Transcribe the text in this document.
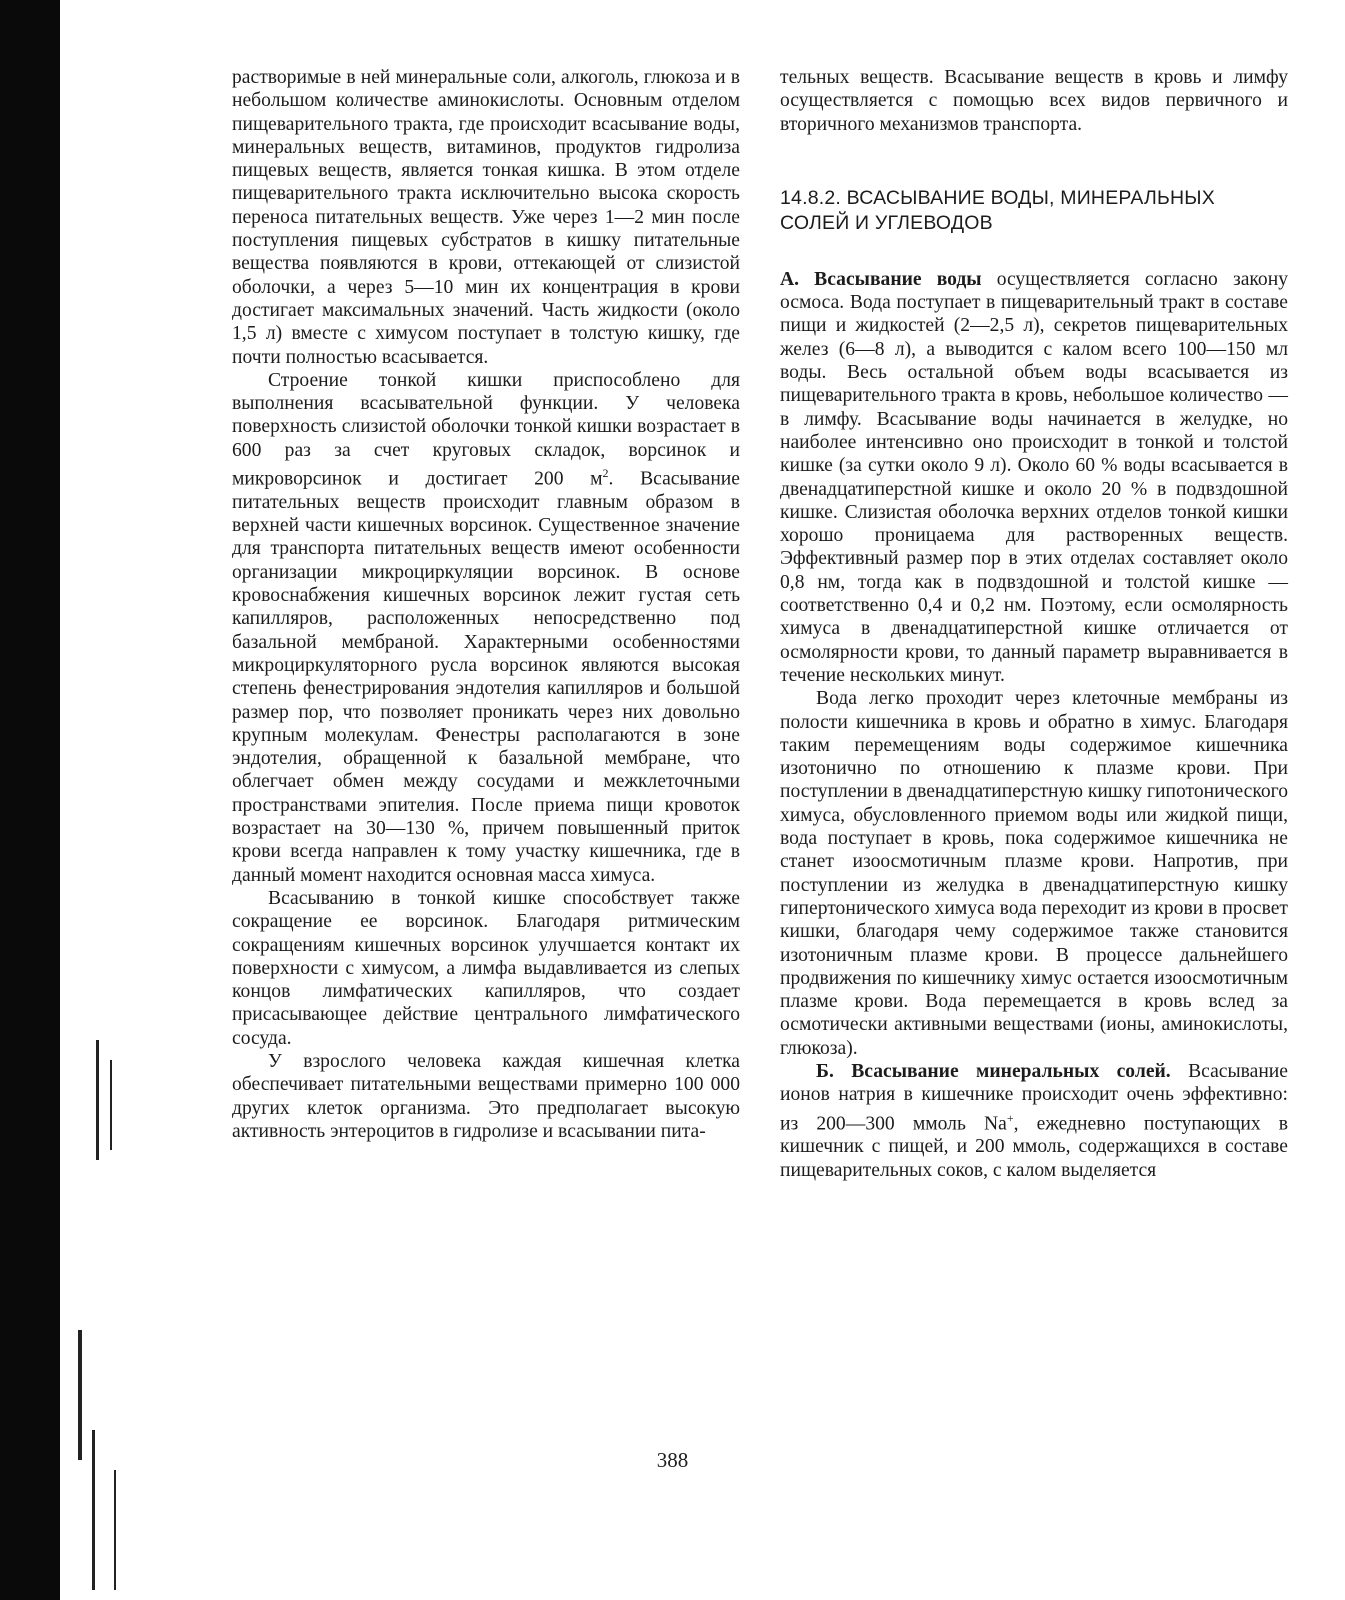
растворимые в ней минеральные соли, алкоголь, глюкоза и в небольшом количестве аминокислоты. Основным отделом пищеварительного тракта, где происходит всасывание воды, минеральных веществ, витаминов, продуктов гидролиза пищевых веществ, является тонкая кишка. В этом отделе пищеварительного тракта исключительно высока скорость переноса питательных веществ. Уже через 1—2 мин после поступления пищевых субстратов в кишку питательные вещества появляются в крови, оттекающей от слизистой оболочки, а через 5—10 мин их концентрация в крови достигает максимальных значений. Часть жидкости (около 1,5 л) вместе с химусом поступает в толстую кишку, где почти полностью всасывается.

Строение тонкой кишки приспособлено для выполнения всасывательной функции. У человека поверхность слизистой оболочки тонкой кишки возрастает в 600 раз за счет круговых складок, ворсинок и микроворсинок и достигает 200 $м^2$. Всасывание питательных веществ происходит главным образом в верхней части кишечных ворсинок. Существенное значение для транспорта питательных веществ имеют особенности организации микроциркуляции ворсинок. В основе кровоснабжения кишечных ворсинок лежит густая сеть капилляров, расположенных непосредственно под базальной мембраной. Характерными особенностями микроциркуляторного русла ворсинок являются высокая степень фенестрирования эндотелия капилляров и большой размер пор, что позволяет проникать через них довольно крупным молекулам. Фенестры располагаются в зоне эндотелия, обращенной к базальной мембране, что облегчает обмен между сосудами и межклеточными пространствами эпителия. После приема пищи кровоток возрастает на 30—130 %, причем повышенный приток крови всегда направлен к тому участку кишечника, где в данный момент находится основная масса химуса.

Всасыванию в тонкой кишке способствует также сокращение ее ворсинок. Благодаря ритмическим сокращениям кишечных ворсинок улучшается контакт их поверхности с химусом, а лимфа выдавливается из слепых концов лимфатических капилляров, что создает присасывающее действие центрального лимфатического сосуда.

У взрослого человека каждая кишечная клетка обеспечивает питательными веществами примерно 100 000 других клеток организма. Это предполагает высокую активность энтероцитов в гидролизе и всасывании пита-

тельных веществ. Всасывание веществ в кровь и лимфу осуществляется с помощью всех видов первичного и вторичного механизмов транспорта.

14.8.2. ВСАСЫВАНИЕ ВОДЫ, МИНЕРАЛЬНЫХ СОЛЕЙ И УГЛЕВОДОВ

А. Всасывание воды осуществляется согласно закону осмоса. Вода поступает в пищеварительный тракт в составе пищи и жидкостей (2—2,5 л), секретов пищеварительных желез (6—8 л), а выводится с калом всего 100—150 мл воды. Весь остальной объем воды всасывается из пищеварительного тракта в кровь, небольшое количество — в лимфу. Всасывание воды начинается в желудке, но наиболее интенсивно оно происходит в тонкой и толстой кишке (за сутки около 9 л). Около 60 % воды всасывается в двенадцатиперстной кишке и около 20 % в подвздошной кишке. Слизистая оболочка верхних отделов тонкой кишки хорошо проницаема для растворенных веществ. Эффективный размер пор в этих отделах составляет около 0,8 нм, тогда как в подвздошной и толстой кишке — соответственно 0,4 и 0,2 нм. Поэтому, если осмолярность химуса в двенадцатиперстной кишке отличается от осмолярности крови, то данный параметр выравнивается в течение нескольких минут.

Вода легко проходит через клеточные мембраны из полости кишечника в кровь и обратно в химус. Благодаря таким перемещениям воды содержимое кишечника изотонично по отношению к плазме крови. При поступлении в двенадцатиперстную кишку гипотонического химуса, обусловленного приемом воды или жидкой пищи, вода поступает в кровь, пока содержимое кишечника не станет изоосмотичным плазме крови. Напротив, при поступлении из желудка в двенадцатиперстную кишку гипертонического химуса вода переходит из крови в просвет кишки, благодаря чему содержимое также становится изотоничным плазме крови. В процессе дальнейшего продвижения по кишечнику химус остается изоосмотичным плазме крови. Вода перемещается в кровь вслед за осмотически активными веществами (ионы, аминокислоты, глюкоза).

Б. Всасывание минеральных солей. Всасывание ионов натрия в кишечнике происходит очень эффективно: из 200—300 ммоль Na+, ежедневно поступающих в кишечник с пищей, и 200 ммоль, содержащихся в составе пищеварительных соков, с калом выделяется

388
